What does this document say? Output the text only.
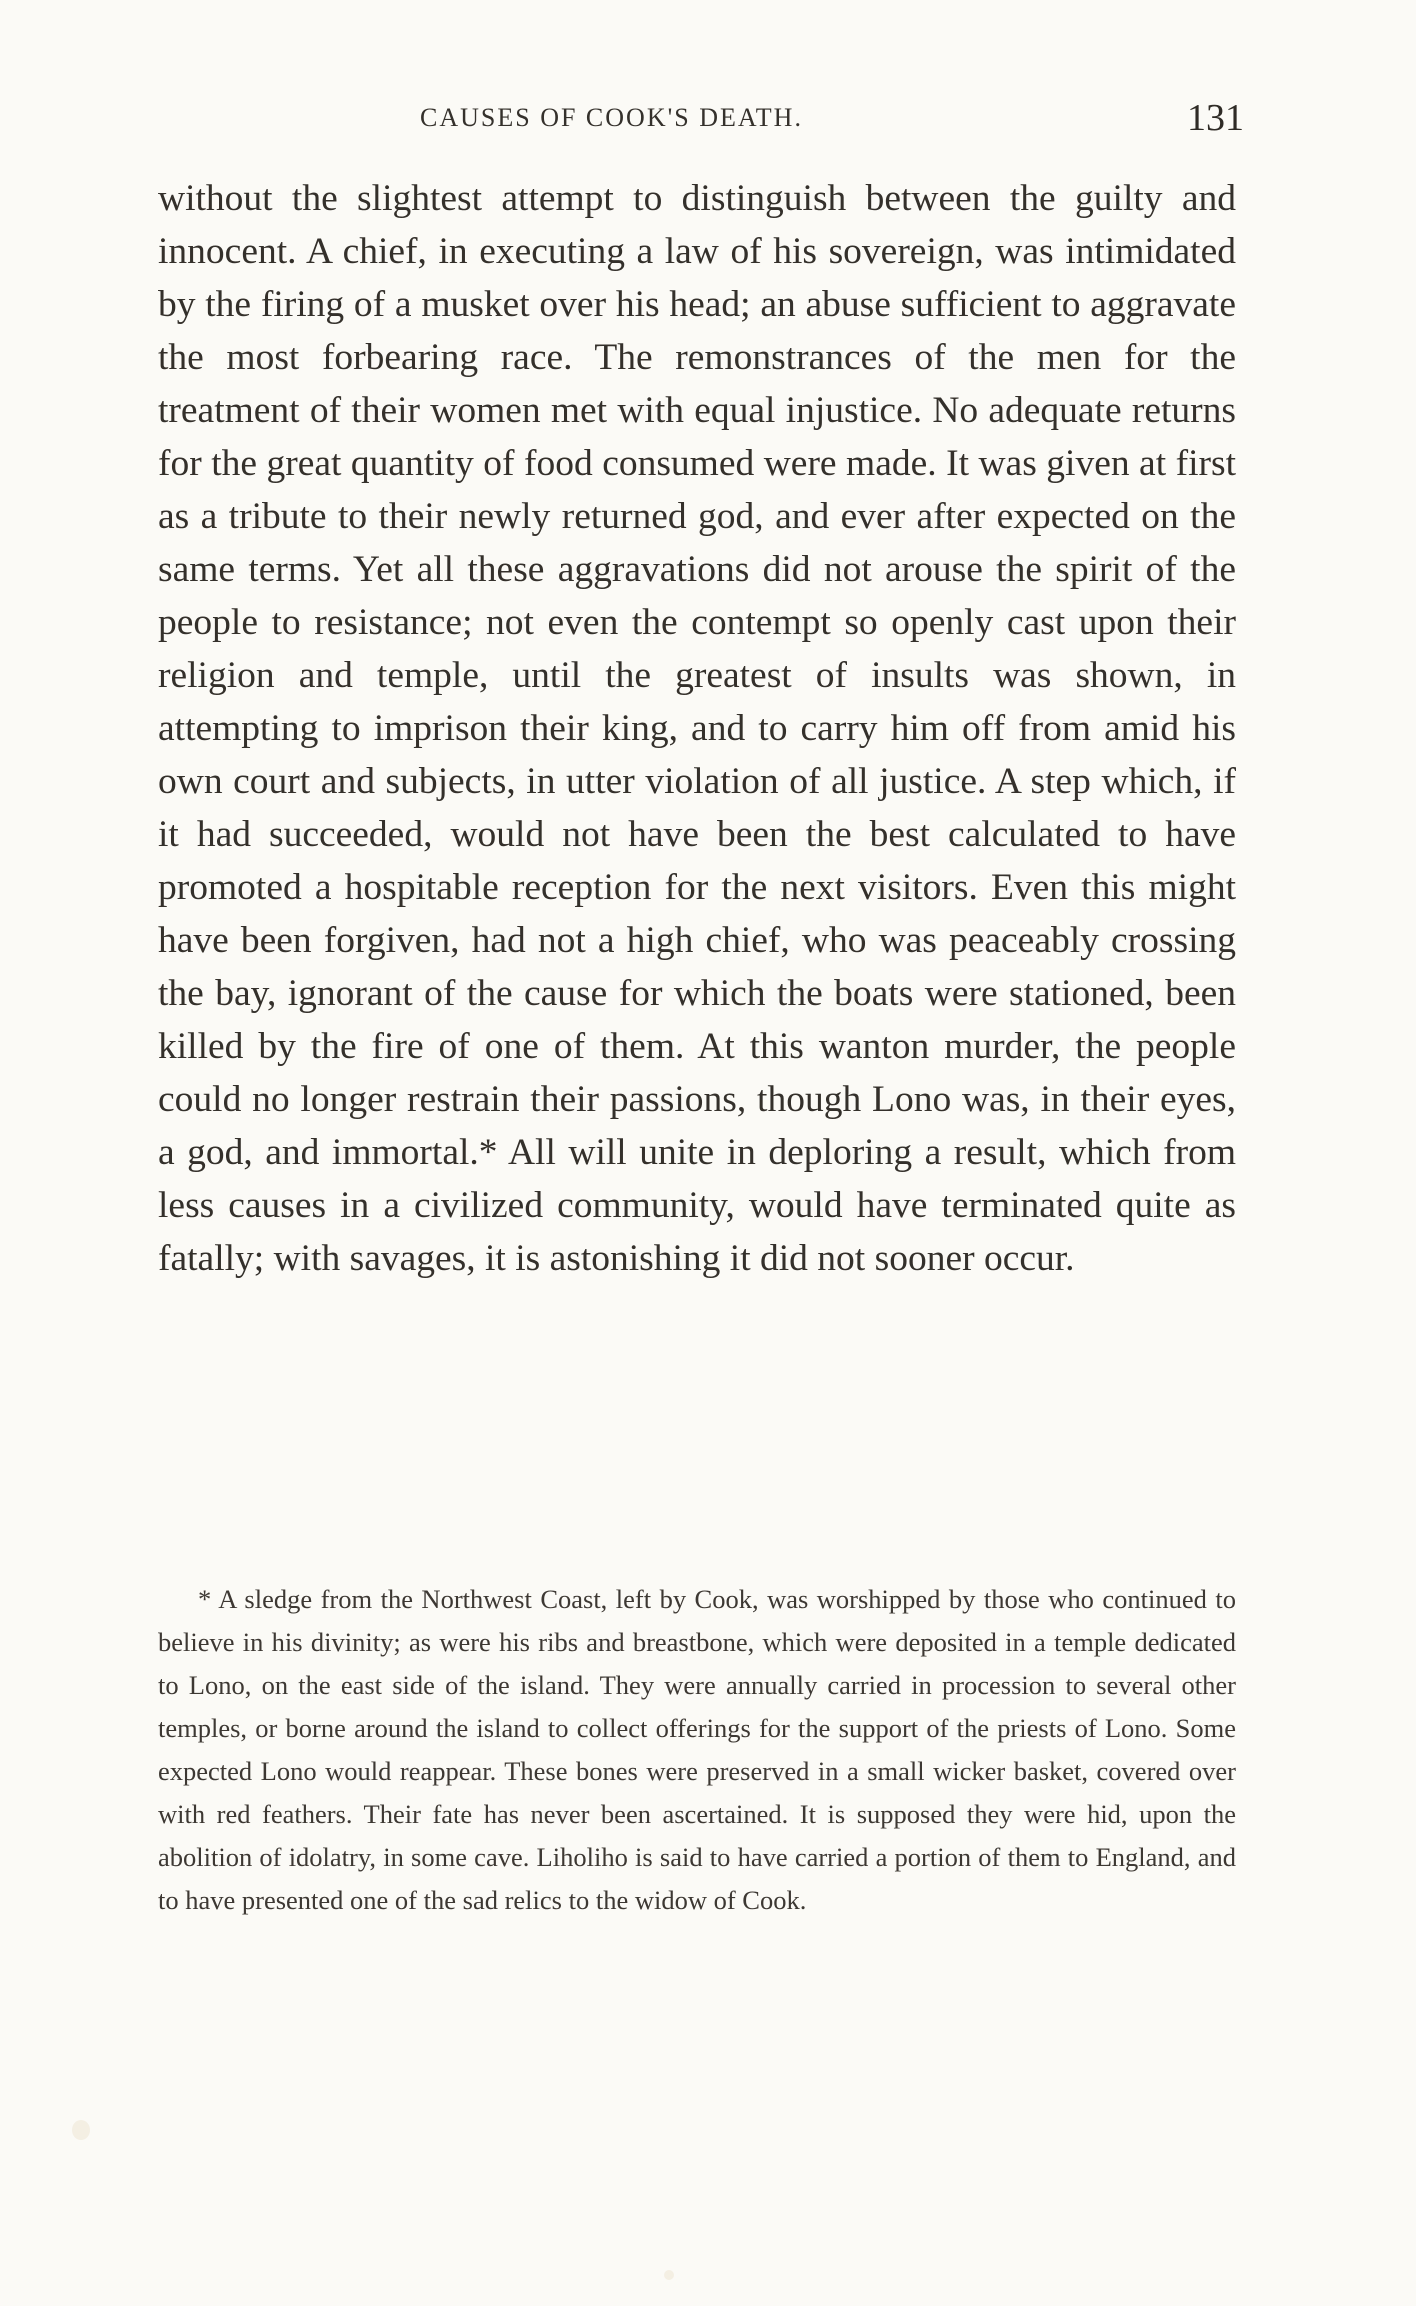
CAUSES OF COOK'S DEATH.	131

without the slightest attempt to distinguish between the guilty and innocent. A chief, in executing a law of his sovereign, was intimidated by the firing of a musket over his head; an abuse sufficient to aggravate the most forbearing race. The remonstrances of the men for the treatment of their women met with equal injustice. No adequate returns for the great quantity of food consumed were made. It was given at first as a tribute to their newly returned god, and ever after expected on the same terms. Yet all these aggravations did not arouse the spirit of the people to resistance; not even the contempt so openly cast upon their religion and temple, until the greatest of insults was shown, in attempting to imprison their king, and to carry him off from amid his own court and subjects, in utter violation of all justice. A step which, if it had succeeded, would not have been the best calculated to have promoted a hospitable reception for the next visitors. Even this might have been forgiven, had not a high chief, who was peaceably crossing the bay, ignorant of the cause for which the boats were stationed, been killed by the fire of one of them. At this wanton murder, the people could no longer restrain their passions, though Lono was, in their eyes, a god, and immortal.* All will unite in deploring a result, which from less causes in a civilized community, would have terminated quite as fatally; with savages, it is astonishing it did not sooner occur.

* A sledge from the Northwest Coast, left by Cook, was worshipped by those who continued to believe in his divinity; as were his ribs and breastbone, which were deposited in a temple dedicated to Lono, on the east side of the island. They were annually carried in procession to several other temples, or borne around the island to collect offerings for the support of the priests of Lono. Some expected Lono would reappear. These bones were preserved in a small wicker basket, covered over with red feathers. Their fate has never been ascertained. It is supposed they were hid, upon the abolition of idolatry, in some cave. Liholiho is said to have carried a portion of them to England, and to have presented one of the sad relics to the widow of Cook.
